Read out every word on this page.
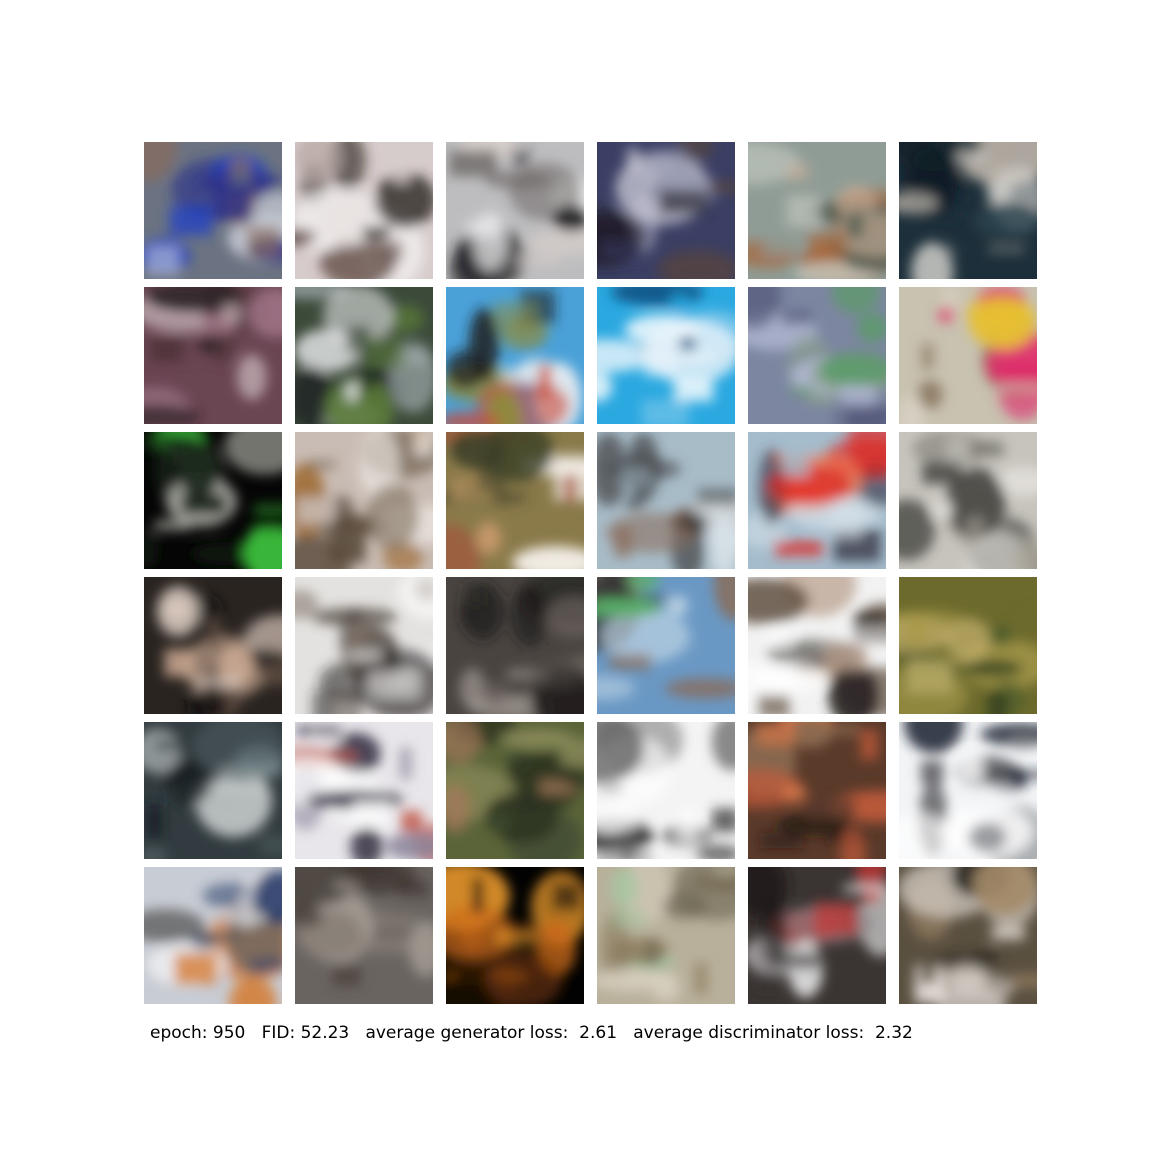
epoch: 950   FID: 52.23   average generator loss:  2.61   average discriminator loss:  2.32
